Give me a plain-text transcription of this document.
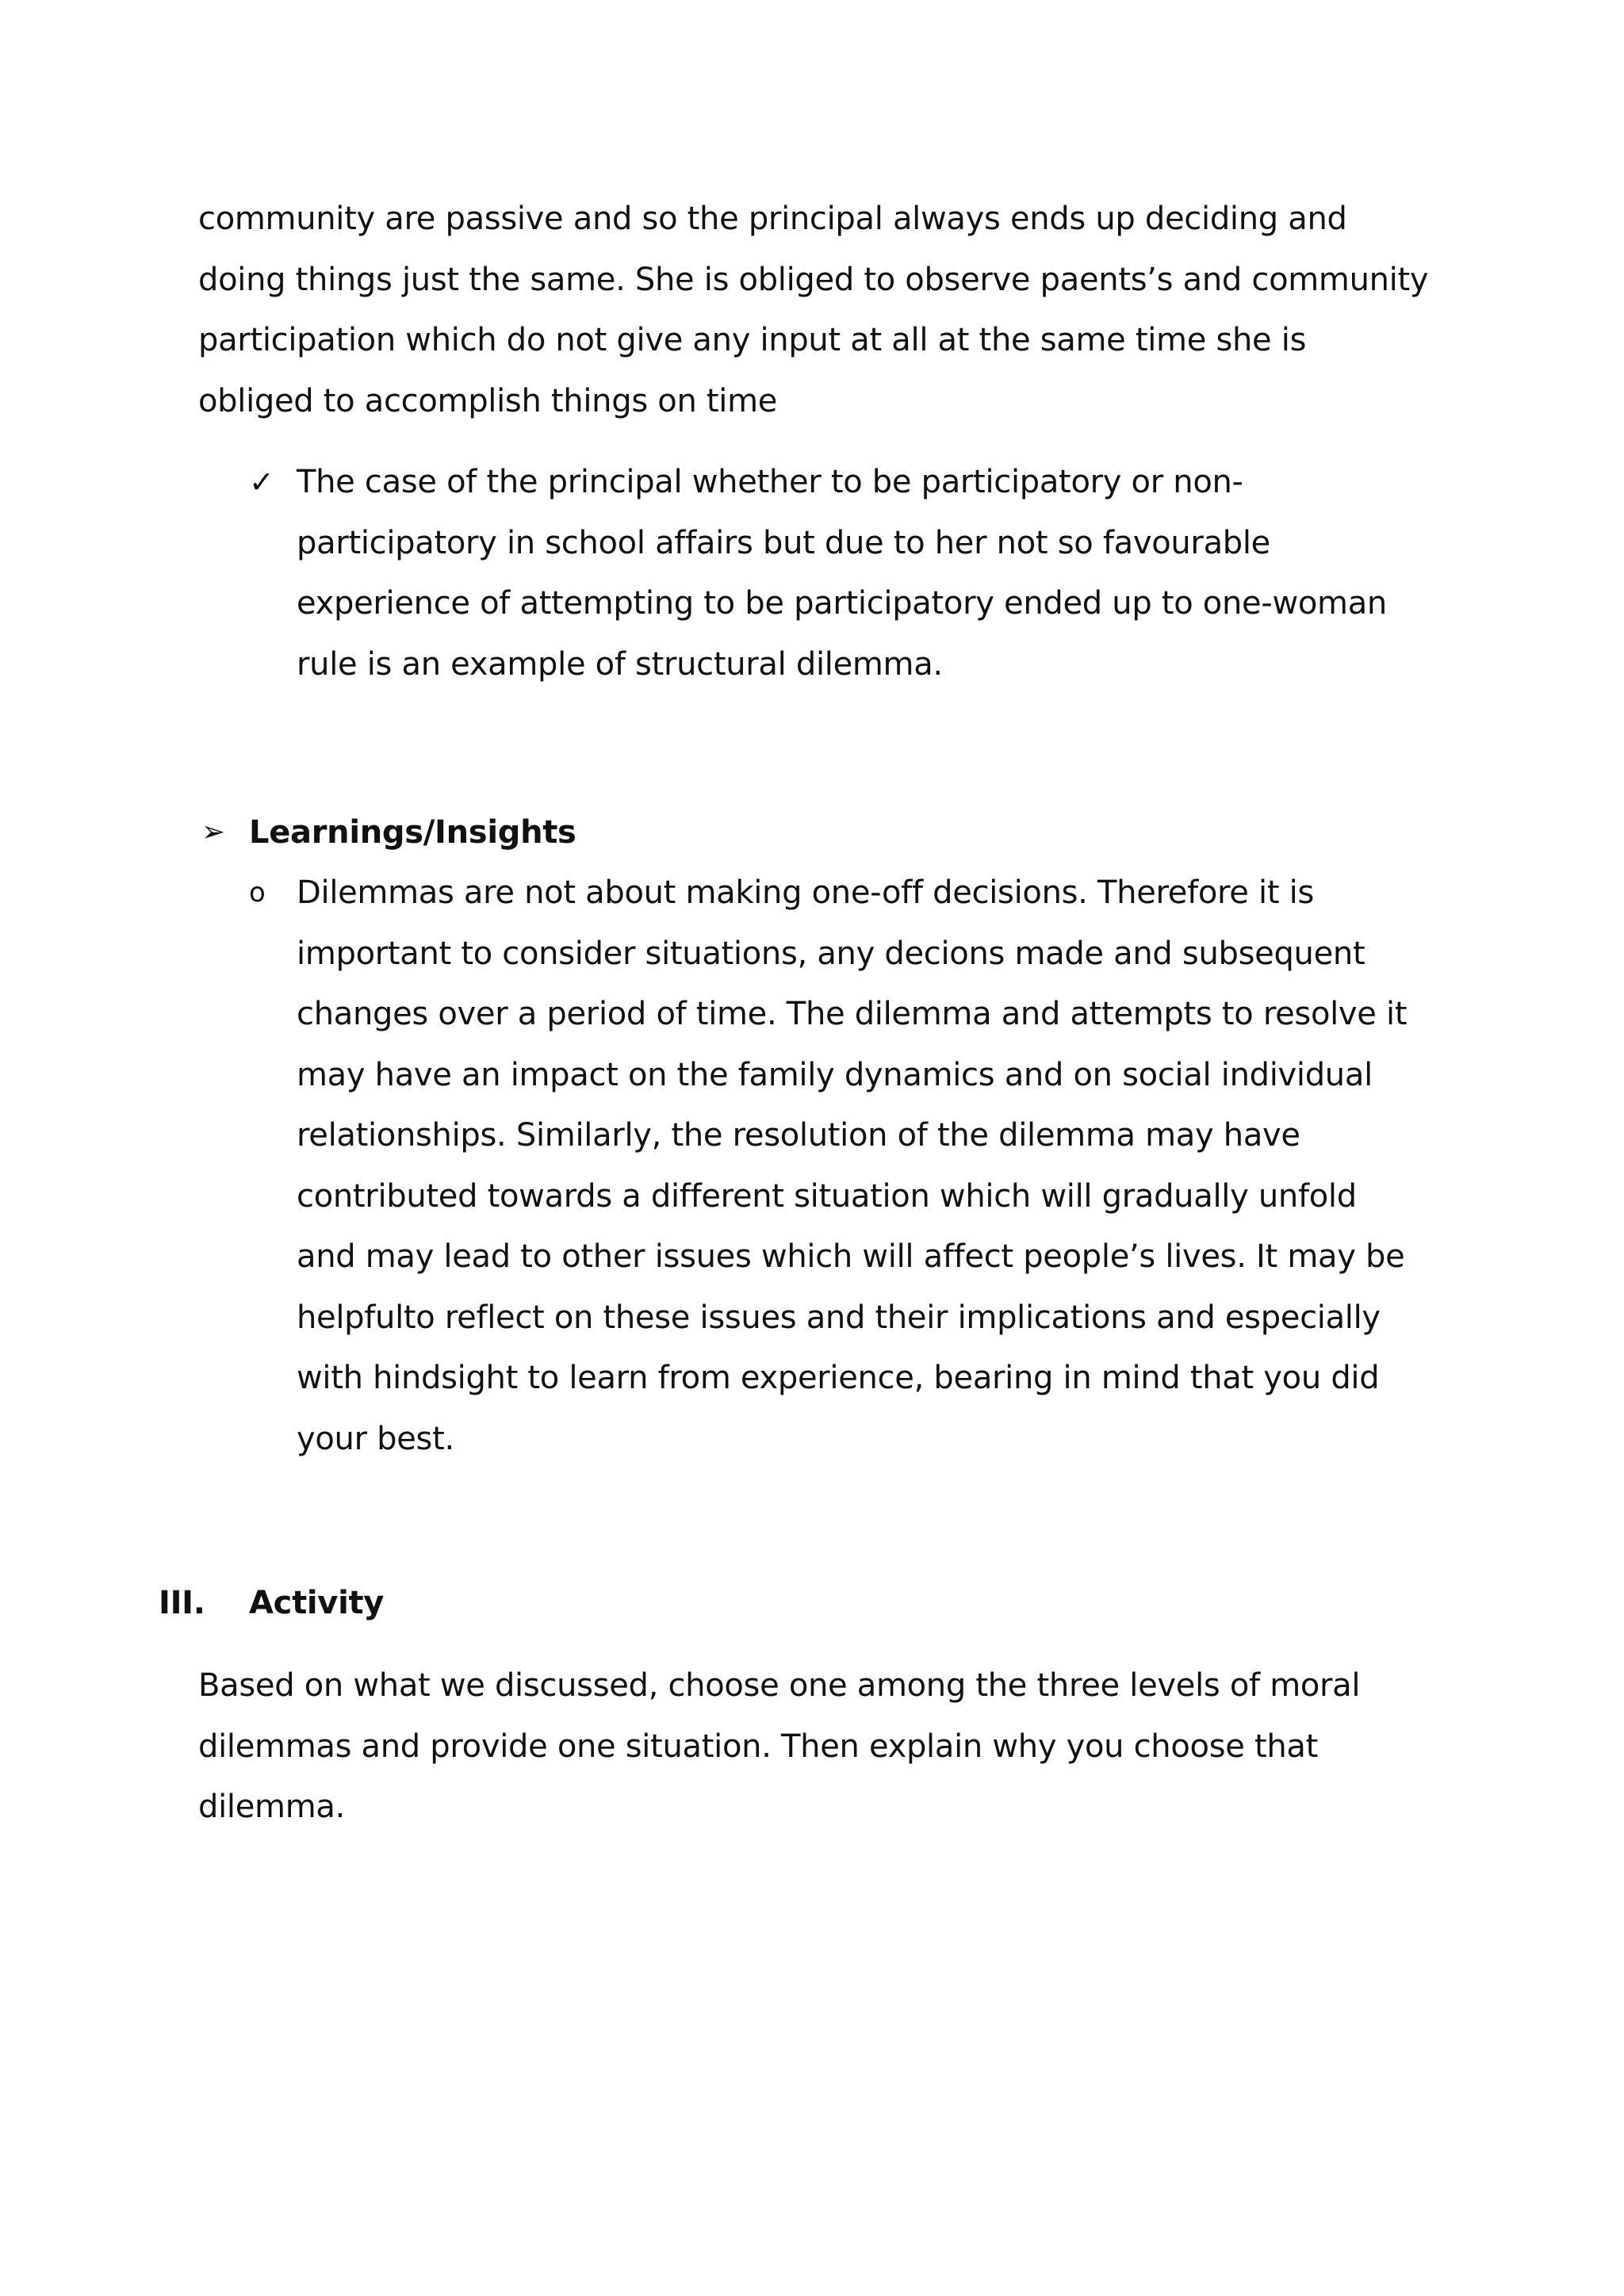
community are passive and so the principal always ends up deciding and
doing things just the same. She is obliged to observe paents’s and community
participation which do not give any input at all at the same time she is
obliged to accomplish things on time
✓ The case of the principal whether to be participatory or non-
participatory in school affairs but due to her not so favourable
experience of attempting to be participatory ended up to one-woman
rule is an example of structural dilemma.
➢ Learnings/Insights
o Dilemmas are not about making one-off decisions. Therefore it is
important to consider situations, any decions made and subsequent
changes over a period of time. The dilemma and attempts to resolve it
may have an impact on the family dynamics and on social individual
relationships. Similarly, the resolution of the dilemma may have
contributed towards a different situation which will gradually unfold
and may lead to other issues which will affect people’s lives. It may be
helpfulto reflect on these issues and their implications and especially
with hindsight to learn from experience, bearing in mind that you did
your best.
III. Activity
Based on what we discussed, choose one among the three levels of moral
dilemmas and provide one situation. Then explain why you choose that
dilemma.
